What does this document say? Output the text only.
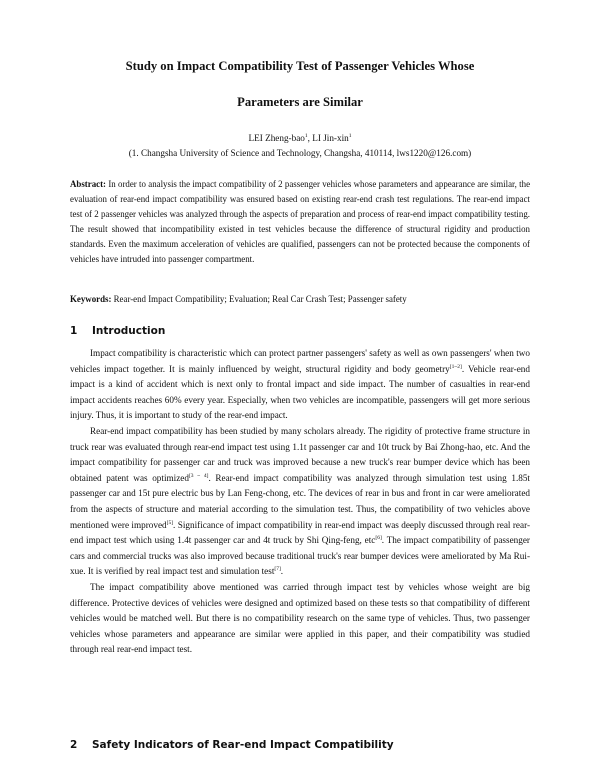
Study on Impact Compatibility Test of Passenger Vehicles Whose
Parameters are Similar
LEI Zheng-bao$^1$, LI Jin-xin$^1$
(1. Changsha University of Science and Technology, Changsha, 410114, lws1220@126.com)
Abstract: In order to analysis the impact compatibility of 2 passenger vehicles whose parameters and appearance are similar, the evaluation of rear-end impact compatibility was ensured based on existing rear-end crash test regulations. The rear-end impact test of 2 passenger vehicles was analyzed through the aspects of preparation and process of rear-end impact compatibility testing. The result showed that incompatibility existed in test vehicles because the difference of structural rigidity and production standards. Even the maximum acceleration of vehicles are qualified, passengers can not be protected because the components of vehicles have intruded into passenger compartment.
Keywords: Rear-end Impact Compatibility; Evaluation; Real Car Crash Test; Passenger safety
1 Introduction

Impact compatibility is characteristic which can protect partner passengers' safety as well as own passengers' when two vehicles impact together. It is mainly influenced by weight, structural rigidity and body geometry[1~2]. Vehicle rear-end impact is a kind of accident which is next only to frontal impact and side impact. The number of casualties in rear-end impact accidents reaches 60% every year. Especially, when two vehicles are incompatible, passengers will get more serious injury. Thus, it is important to study of the rear-end impact.

Rear-end impact compatibility has been studied by many scholars already. The rigidity of protective frame structure in truck rear was evaluated through rear-end impact test using 1.1t passenger car and 10t truck by Bai Zhong-hao, etc. And the impact compatibility for passenger car and truck was improved because a new truck's rear bumper device which has been obtained patent was optimized[3 ~ 4]. Rear-end impact compatibility was analyzed through simulation test using 1.85t passenger car and 15t pure electric bus by Lan Feng-chong, etc. The devices of rear in bus and front in car were ameliorated from the aspects of structure and material according to the simulation test. Thus, the compatibility of two vehicles above mentioned were improved[5]. Significance of impact compatibility in rear-end impact was deeply discussed through real rear-end impact test which using 1.4t passenger car and 4t truck by Shi Qing-feng, etc[6]. The impact compatibility of passenger cars and commercial trucks was also improved because traditional truck's rear bumper devices were ameliorated by Ma Rui-xue. It is verified by real impact test and simulation test[7].

The impact compatibility above mentioned was carried through impact test by vehicles whose weight are big difference. Protective devices of vehicles were designed and optimized based on these tests so that compatibility of different vehicles would be matched well. But there is no compatibility research on the same type of vehicles. Thus, two passenger vehicles whose parameters and appearance are similar were applied in this paper, and their compatibility was studied through real rear-end impact test.

2 Safety Indicators of Rear-end Impact Compatibility
